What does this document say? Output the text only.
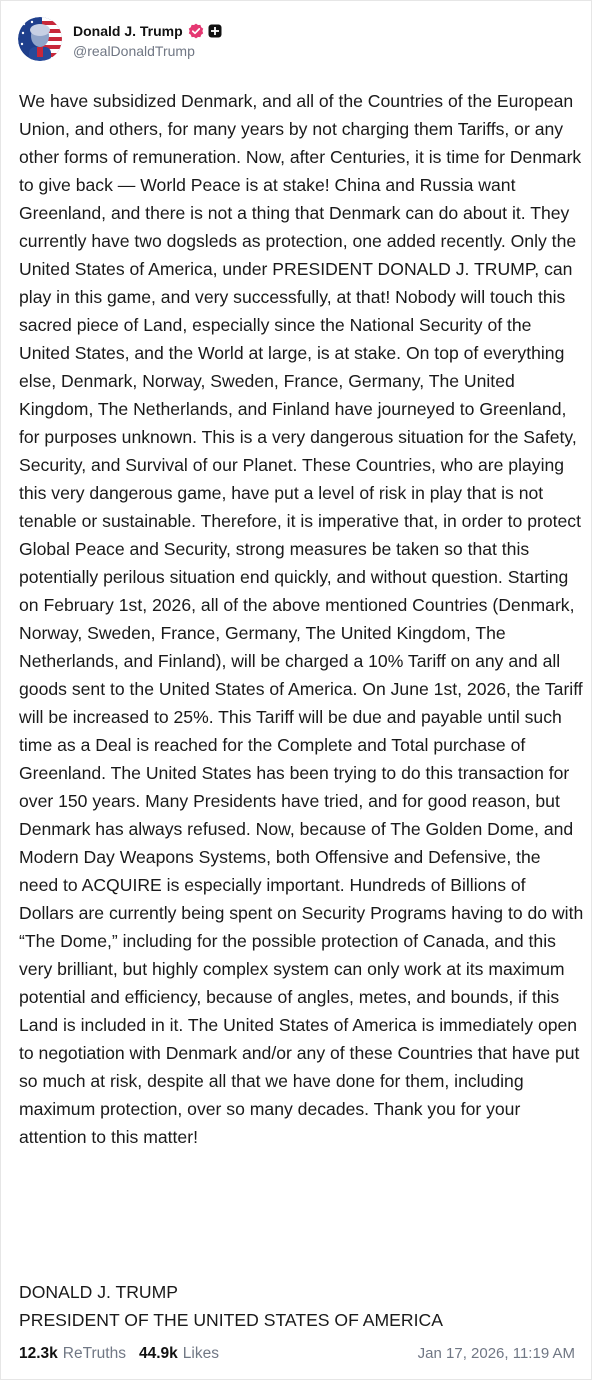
Donald J. Trump
@realDonaldTrump
We have subsidized Denmark, and all of the Countries of the European Union, and others, for many years by not charging them Tariffs, or any other forms of remuneration. Now, after Centuries, it is time for Denmark to give back — World Peace is at stake! China and Russia want Greenland, and there is not a thing that Denmark can do about it. They currently have two dogsleds as protection, one added recently. Only the United States of America, under PRESIDENT DONALD J. TRUMP, can play in this game, and very successfully, at that! Nobody will touch this sacred piece of Land, especially since the National Security of the United States, and the World at large, is at stake. On top of everything else, Denmark, Norway, Sweden, France, Germany, The United Kingdom, The Netherlands, and Finland have journeyed to Greenland, for purposes unknown. This is a very dangerous situation for the Safety, Security, and Survival of our Planet. These Countries, who are playing this very dangerous game, have put a level of risk in play that is not tenable or sustainable. Therefore, it is imperative that, in order to protect Global Peace and Security, strong measures be taken so that this potentially perilous situation end quickly, and without question. Starting on February 1st, 2026, all of the above mentioned Countries (Denmark, Norway, Sweden, France, Germany, The United Kingdom, The Netherlands, and Finland), will be charged a 10% Tariff on any and all goods sent to the United States of America. On June 1st, 2026, the Tariff will be increased to 25%. This Tariff will be due and payable until such time as a Deal is reached for the Complete and Total purchase of Greenland. The United States has been trying to do this transaction for over 150 years. Many Presidents have tried, and for good reason, but Denmark has always refused. Now, because of The Golden Dome, and Modern Day Weapons Systems, both Offensive and Defensive, the need to ACQUIRE is especially important. Hundreds of Billions of Dollars are currently being spent on Security Programs having to do with “The Dome,” including for the possible protection of Canada, and this very brilliant, but highly complex system can only work at its maximum potential and efficiency, because of angles, metes, and bounds, if this Land is included in it. The United States of America is immediately open to negotiation with Denmark and/or any of these Countries that have put so much at risk, despite all that we have done for them, including maximum protection, over so many decades. Thank you for your attention to this matter!
DONALD J. TRUMP
PRESIDENT OF THE UNITED STATES OF AMERICA
12.3k ReTruths 44.9k Likes	Jan 17, 2026, 11:19 AM
